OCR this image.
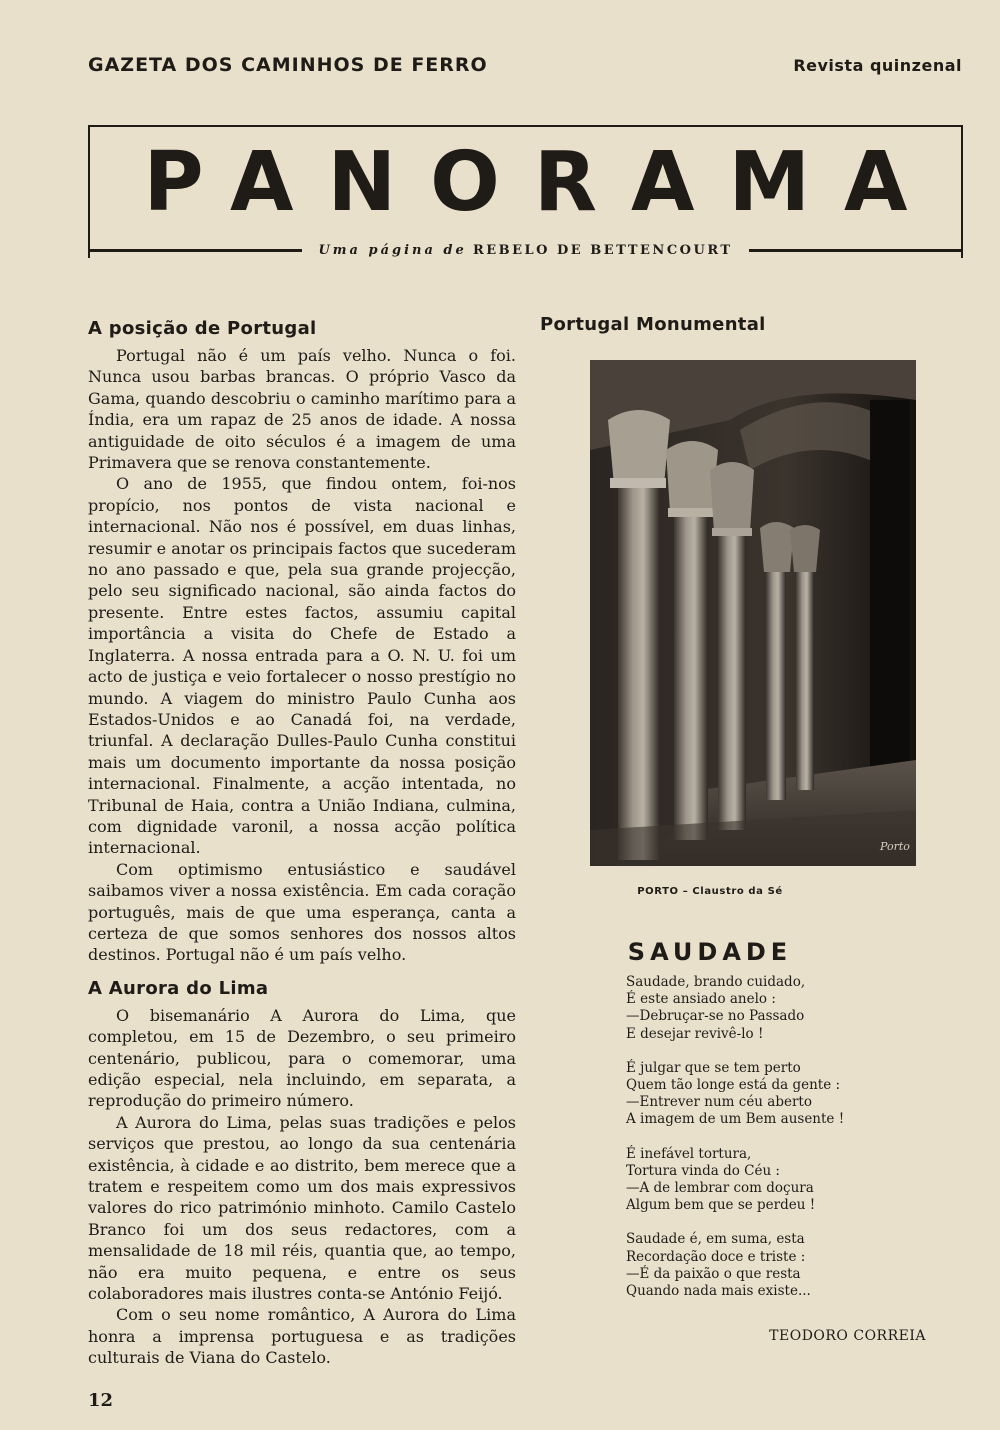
GAZETA DOS CAMINHOS DE FERRO	Revista quinzenal
PANORAMA
Uma página de REBELO DE BETTENCOURT
A posição de Portugal

Portugal não é um país velho. Nunca o foi. Nunca usou barbas brancas. O próprio Vasco da Gama, quando descobriu o caminho marítimo para a Índia, era um rapaz de 25 anos de idade. A nossa antiguidade de oito séculos é a imagem de uma Primavera que se renova constantemente.

O ano de 1955, que findou ontem, foi-nos propício, nos pontos de vista nacional e internacional. Não nos é possível, em duas linhas, resumir e anotar os principais factos que sucederam no ano passado e que, pela sua grande projecção, pelo seu significado nacional, são ainda factos do presente. Entre estes factos, assumiu capital importância a visita do Chefe de Estado a Inglaterra. A nossa entrada para a O. N. U. foi um acto de justiça e veio fortalecer o nosso prestígio no mundo. A viagem do ministro Paulo Cunha aos Estados-Unidos e ao Canadá foi, na verdade, triunfal. A declaração Dulles-Paulo Cunha constitui mais um documento importante da nossa posição internacional. Finalmente, a acção intentada, no Tribunal de Haia, contra a União Indiana, culmina, com dignidade varonil, a nossa acção política internacional.

Com optimismo entusiástico e saudável saibamos viver a nossa existência. Em cada coração português, mais de que uma esperança, canta a certeza de que somos senhores dos nossos altos destinos. Portugal não é um país velho.

A Aurora do Lima

O bisemanário A Aurora do Lima, que completou, em 15 de Dezembro, o seu primeiro centenário, publicou, para o comemorar, uma edição especial, nela incluindo, em separata, a reprodução do primeiro número.

A Aurora do Lima, pelas suas tradições e pelos serviços que prestou, ao longo da sua centenária existência, à cidade e ao distrito, bem merece que a tratem e respeitem como um dos mais expressivos valores do rico património minhoto. Camilo Castelo Branco foi um dos seus redactores, com a mensalidade de 18 mil réis, quantia que, ao tempo, não era muito pequena, e entre os seus colaboradores mais ilustres conta-se António Feijó.

Com o seu nome romântico, A Aurora do Lima honra a imprensa portuguesa e as tradições culturais de Viana do Castelo.

Portugal Monumental
Porto
PORTO – Claustro da Sé
SAUDADE
Saudade, brando cuidado,
É este ansiado anelo :
—Debruçar-se no Passado
E desejar revivê-lo !
É julgar que se tem perto
Quem tão longe está da gente :
—Entrever num céu aberto
A imagem de um Bem ausente !
É inefável tortura,
Tortura vinda do Céu :
—A de lembrar com doçura
Algum bem que se perdeu !
Saudade é, em suma, esta
Recordação doce e triste :
—É da paixão o que resta
Quando nada mais existe...
TEODORO CORREIA
12
